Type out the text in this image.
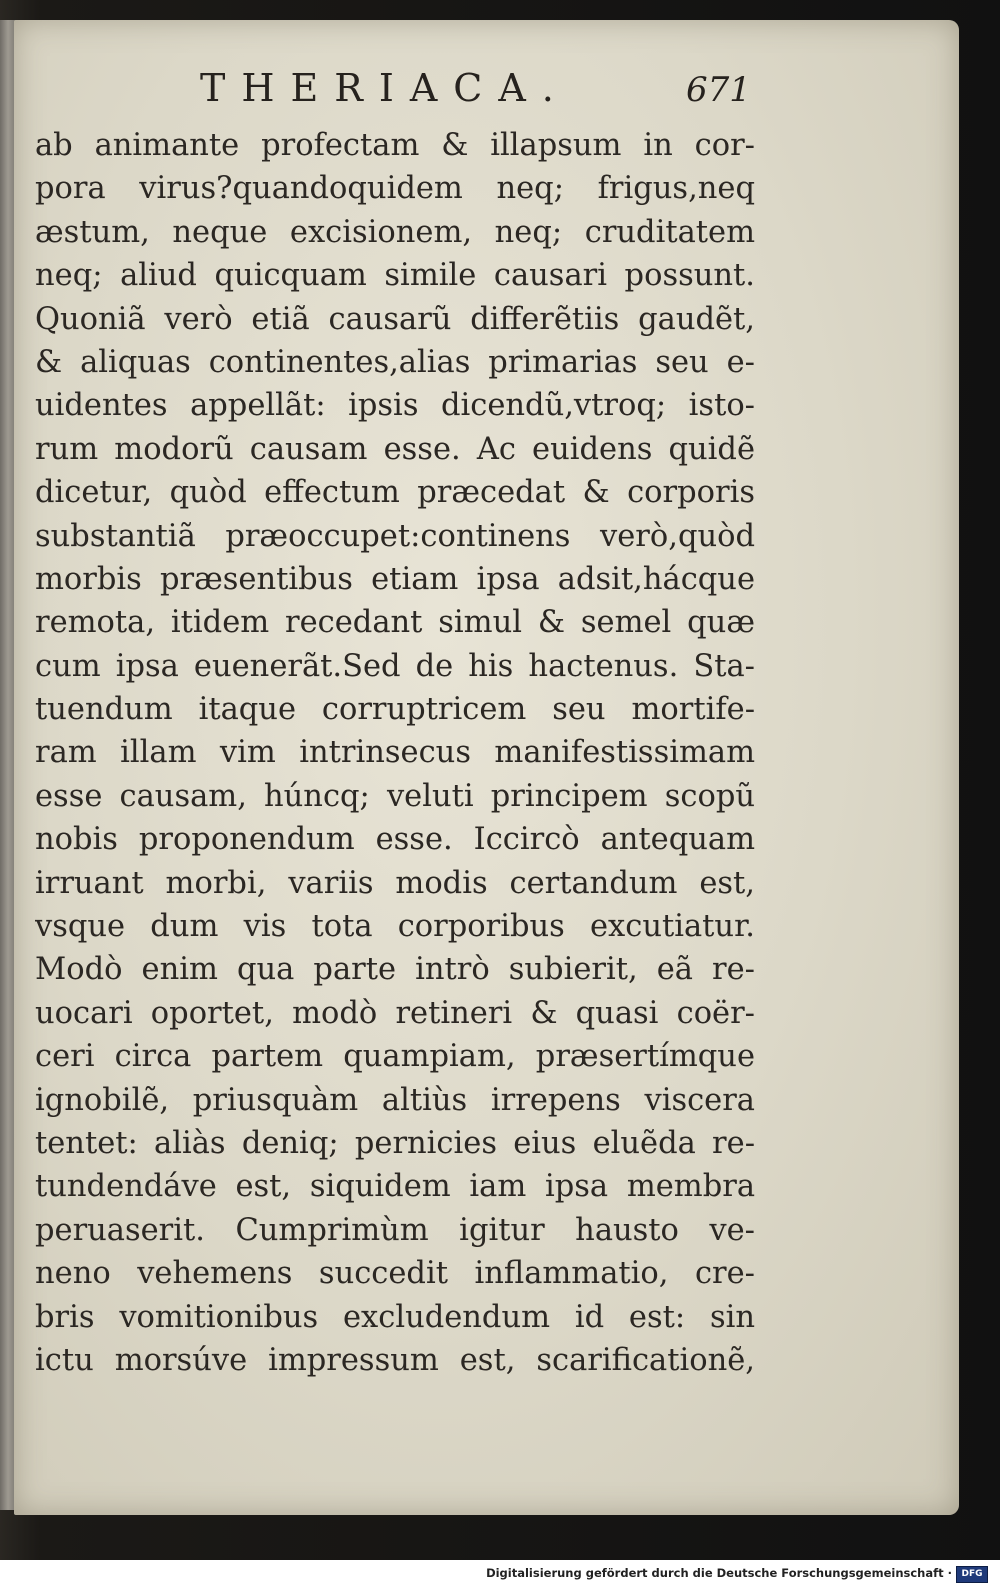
THERIACA.	671
ab animante profectam & illapsum in cor-
pora virus?quandoquidem neq; frigus,neq
æstum, neque excisionem, neq; cruditatem
neq; aliud quicquam simile causari possunt.
Quoniã verò etiã causarũ differẽtiis gaudẽt,
& aliquas continentes,alias primarias seu e-
uidentes appellãt: ipsis dicendũ,vtroq; isto-
rum modorũ causam esse. Ac euidens quidẽ
dicetur, quòd effectum præcedat & corporis
substantiã præoccupet:continens verò,quòd
morbis præsentibus etiam ipsa adsit,hácque
remota, itidem recedant simul & semel quæ
cum ipsa euenerãt.Sed de his hactenus. Sta-
tuendum itaque corruptricem seu mortife-
ram illam vim intrinsecus manifestissimam
esse causam, húncq; veluti principem scopũ
nobis proponendum esse. Iccircò antequam
irruant morbi, variis modis certandum est,
vsque dum vis tota corporibus excutiatur.
Modò enim qua parte intrò subierit, eã re-
uocari oportet, modò retineri & quasi coër-
ceri circa partem quampiam, præsertímque
ignobilẽ, priusquàm altiùs irrepens viscera
tentet: aliàs deniq; pernicies eius eluẽda re-
tundendáve est, siquidem iam ipsa membra
peruaserit. Cumprimùm igitur hausto ve-
neno vehemens succedit inflammatio, cre-
bris vomitionibus excludendum id est: sin
ictu morsúve impressum est, scarificationẽ,
Digitalisierung gefördert durch die Deutsche Forschungsgemeinschaft ·	DFG
